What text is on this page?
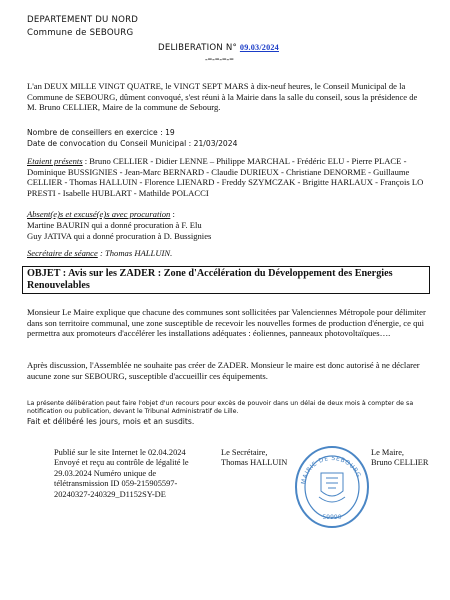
DEPARTEMENT DU NORD
Commune de SEBOURG
DELIBERATION N° 09.03/2024
-=-=-=-=
L'an DEUX MILLE VINGT QUATRE, le VINGT SEPT MARS à dix-neuf heures, le Conseil Municipal de la Commune de SEBOURG, dûment convoqué, s'est réuni à la Mairie dans la salle du conseil, sous la présidence de M. Bruno CELLIER, Maire de la commune de Sebourg.
Nombre de conseillers en exercice : 19
Date de convocation du Conseil Municipal : 21/03/2024
Etaient présents : Bruno CELLIER - Didier LENNE – Philippe MARCHAL - Frédéric ELU - Pierre PLACE - Dominique BUSSIGNIES - Jean-Marc BERNARD - Claudie DURIEUX - Christiane DENORME - Guillaume CELLIER - Thomas HALLUIN - Florence LIENARD - Freddy SZYMCZAK - Brigitte HARLAUX - François LO PRESTI - Isabelle HUBLART - Mathilde POLACCI
Absent(e)s et excusé(e)s avec procuration :
Martine BAURIN qui a donné procuration à F. Elu
Guy JATIVA qui a donné procuration à D. Bussignies
Secrétaire de séance : Thomas HALLUIN.
OBJET : Avis sur les ZADER : Zone d'Accélération du Développement des Energies Renouvelables
Monsieur Le Maire explique que chacune des communes sont sollicitées par Valenciennes Métropole pour délimiter dans son territoire communal, une zone susceptible de recevoir les nouvelles formes de production d'énergie, ce qui permettra aux promoteurs d'accélérer les installations adéquates : éoliennes, panneaux photovoltaïques….
Après discussion, l'Assemblée ne souhaite pas créer de ZADER. Monsieur le maire est donc autorisé à ne déclarer aucune zone sur SEBOURG, susceptible d'accueillir ces équipements.
La présente délibération peut faire l'objet d'un recours pour excès de pouvoir dans un délai de deux mois à compter de sa
notification ou publication, devant le Tribunal Administratif de Lille.
Fait et délibéré les jours, mois et an susdits.
Publié sur le site Internet le 02.04.2024 Envoyé et reçu au contrôle de légalité le 29.03.2024 Numéro unique de télétransmission ID 059-215905597-20240327-240329_D1152SY-DE
Le Secrétaire,
Thomas HALLUIN
MAIRIE DE SEBOURG
59990
Le Maire,
Bruno CELLIER
